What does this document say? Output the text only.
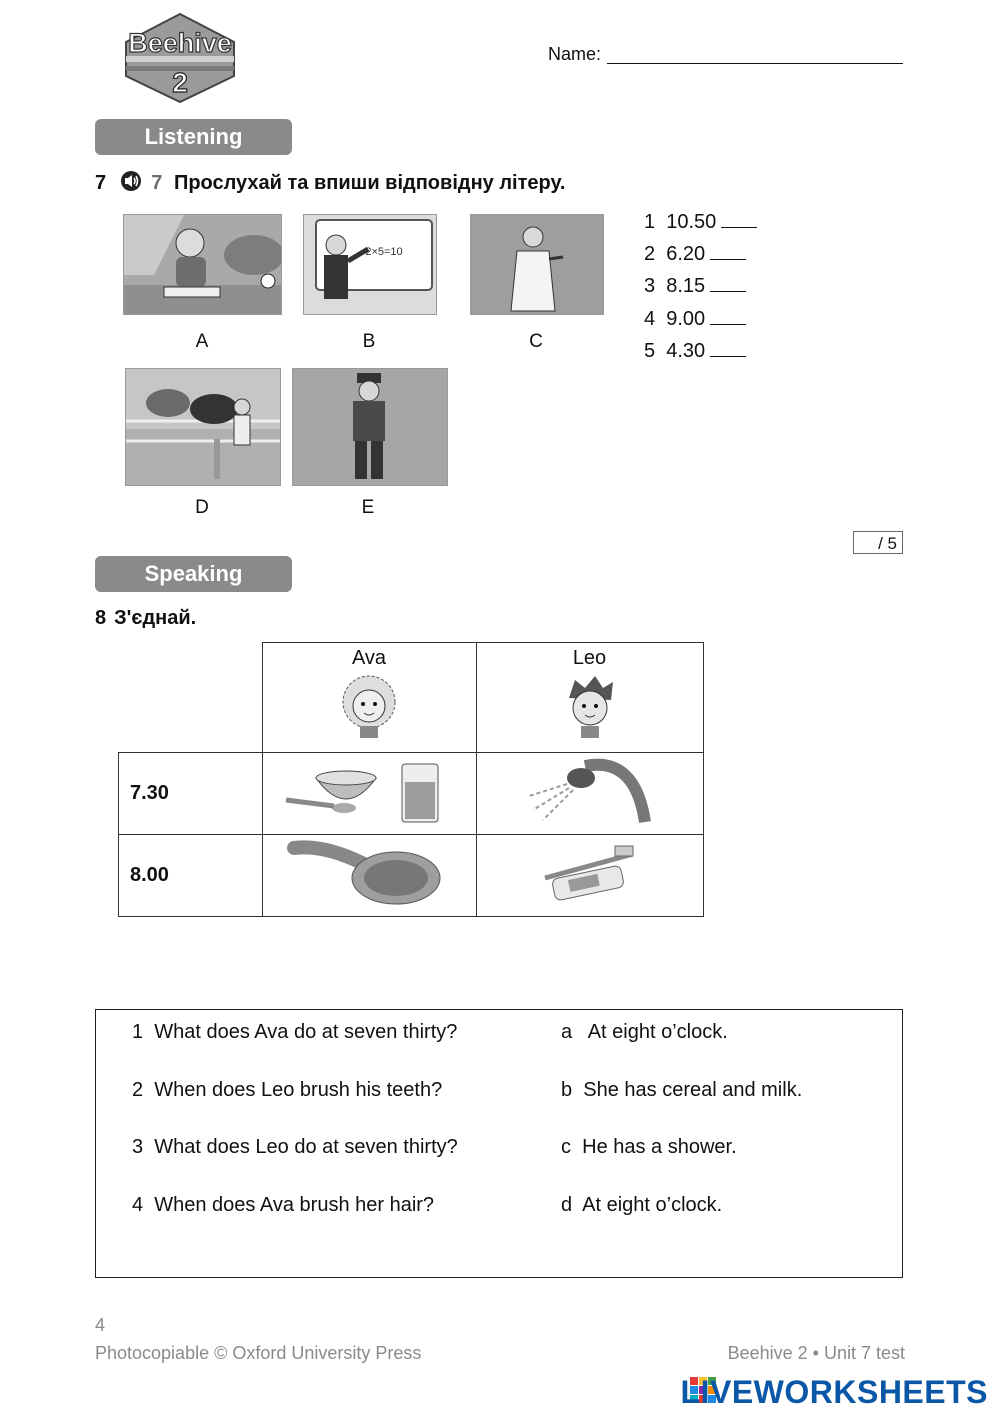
Beehive
2
Name:
Listening
7 7 Прослухай та впиши відповідну літеру.
2×5=10
A	B	C
D	E
1 10.50
2 6.20
3 8.15
4 9.00
5 4.30
/ 5
Speaking
8 З'єднай.

	Ava	Leo

7.30		
8.00		
1 What does Ava do at seven thirty?
2 When does Leo brush his teeth?
3 What does Leo do at seven thirty?
4 When does Ava brush her hair?
a At eight o’clock.
b She has cereal and milk.
c He has a shower.
d At eight o’clock.
4
Photocopiable © Oxford University Press	Beehive 2 • Unit 7 test
LIVEWORKSHEETS
